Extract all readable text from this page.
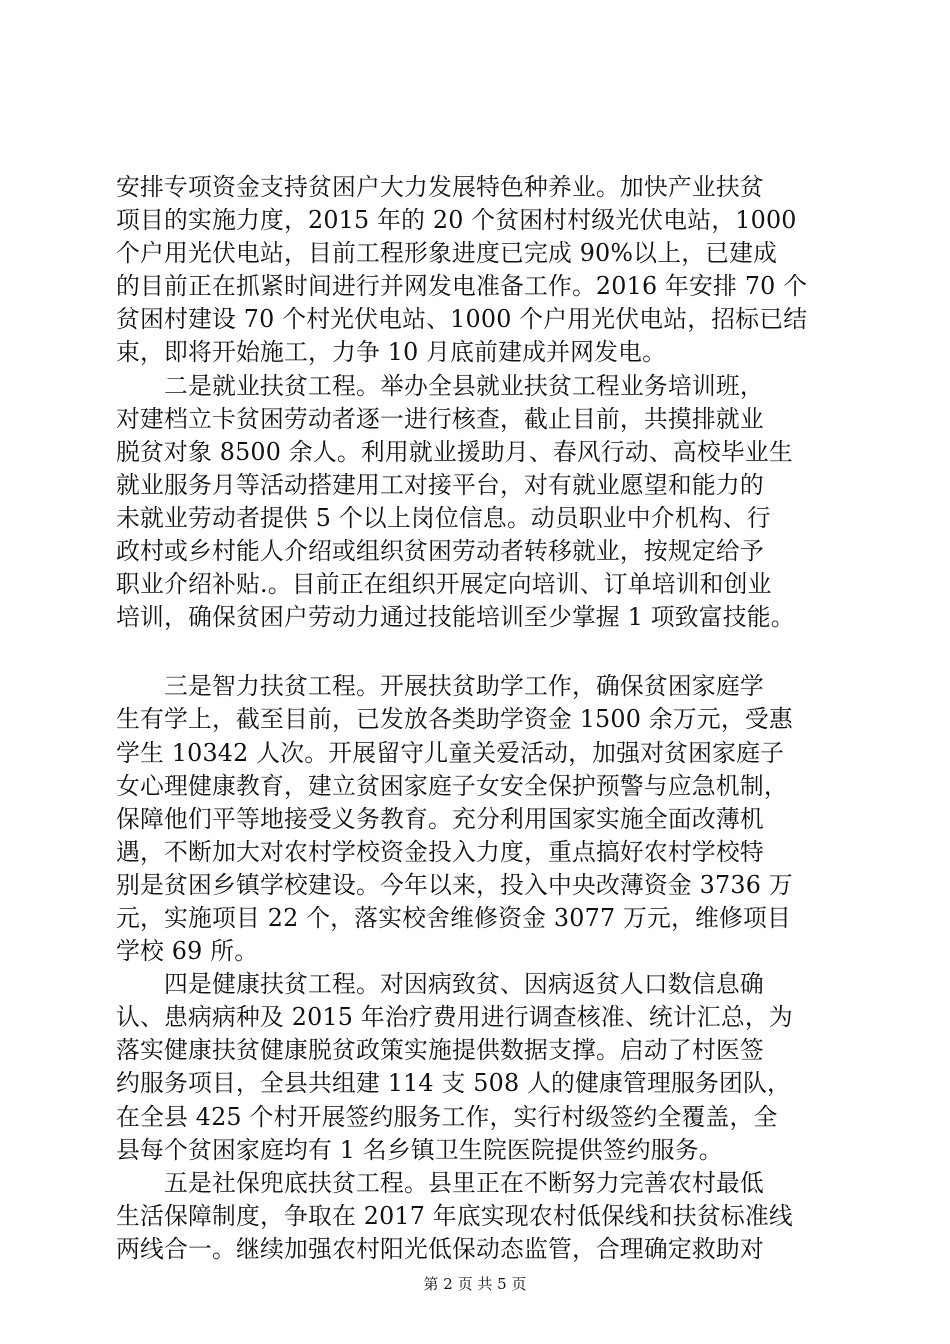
安排专项资金支持贫困户大力发展特色种养业。加快产业扶贫
项目的实施力度，2015 年的 20 个贫困村村级光伏电站，1000
个户用光伏电站，目前工程形象进度已完成 90%以上，已建成
的目前正在抓紧时间进行并网发电准备工作。2016 年安排 70 个
贫困村建设 70 个村光伏电站、1000 个户用光伏电站，招标已结
束，即将开始施工，力争 10 月底前建成并网发电。
　　二是就业扶贫工程。举办全县就业扶贫工程业务培训班，
对建档立卡贫困劳动者逐一进行核查，截止目前，共摸排就业
脱贫对象 8500 余人。利用就业援助月、春风行动、高校毕业生
就业服务月等活动搭建用工对接平台，对有就业愿望和能力的
未就业劳动者提供 5 个以上岗位信息。动员职业中介机构、行
政村或乡村能人介绍或组织贫困劳动者转移就业，按规定给予
职业介绍补贴.。目前正在组织开展定向培训、订单培训和创业
培训，确保贫困户劳动力通过技能培训至少掌握 1 项致富技能。
　　三是智力扶贫工程。开展扶贫助学工作，确保贫困家庭学
生有学上，截至目前，已发放各类助学资金 1500 余万元，受惠
学生 10342 人次。开展留守儿童关爱活动，加强对贫困家庭子
女心理健康教育，建立贫困家庭子女安全保护预警与应急机制，
保障他们平等地接受义务教育。充分利用国家实施全面改薄机
遇，不断加大对农村学校资金投入力度，重点搞好农村学校特
别是贫困乡镇学校建设。今年以来，投入中央改薄资金 3736 万
元，实施项目 22 个，落实校舍维修资金 3077 万元，维修项目
学校 69 所。
　　四是健康扶贫工程。对因病致贫、因病返贫人口数信息确
认、患病病种及 2015 年治疗费用进行调查核准、统计汇总，为
落实健康扶贫健康脱贫政策实施提供数据支撑。启动了村医签
约服务项目，全县共组建 114 支 508 人的健康管理服务团队，
在全县 425 个村开展签约服务工作，实行村级签约全覆盖，全
县每个贫困家庭均有 1 名乡镇卫生院医院提供签约服务。
　　五是社保兜底扶贫工程。县里正在不断努力完善农村最低
生活保障制度，争取在 2017 年底实现农村低保线和扶贫标准线
两线合一。继续加强农村阳光低保动态监管，合理确定救助对
第 2 页 共 5 页
